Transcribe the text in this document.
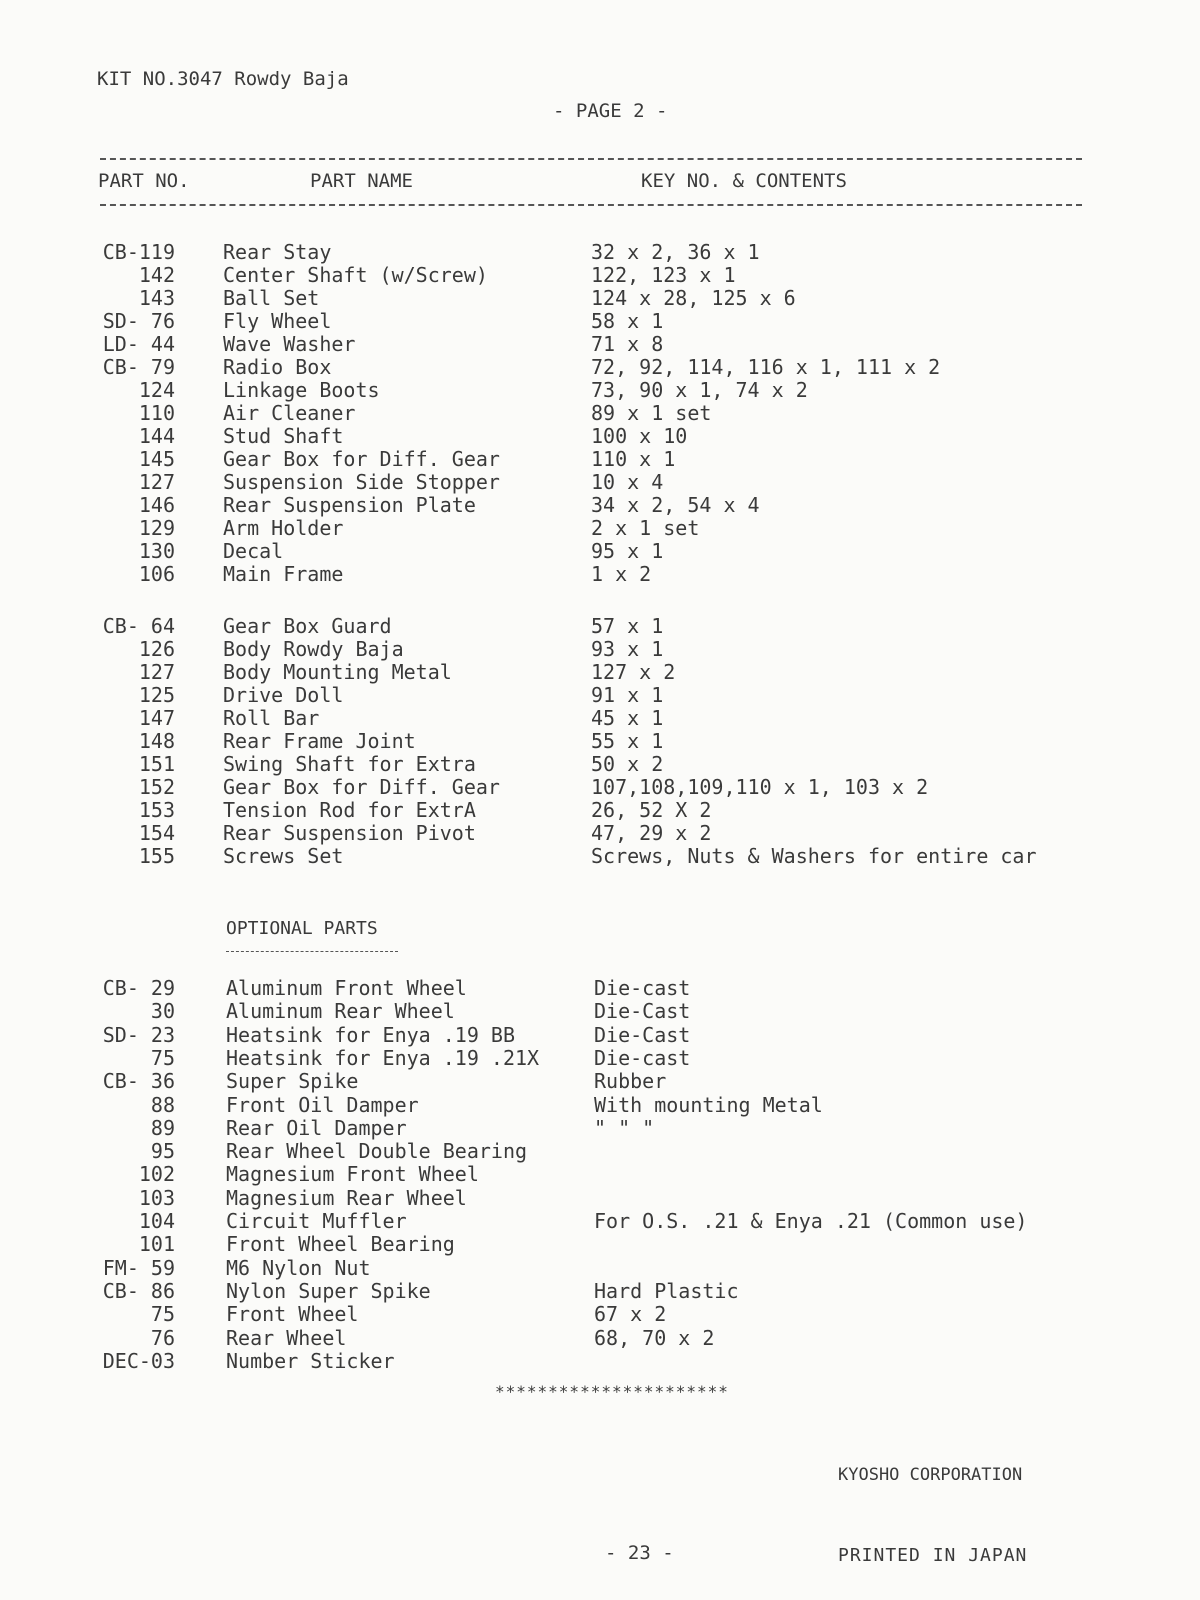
KIT NO.3047 Rowdy Baja
- PAGE 2 -
PART NO.	PART NAME	KEY NO. & CONTENTS
CB-119 Rear Stay	32 x 2, 36 x 1
142 Center Shaft (w/Screw)	122, 123 x 1
143 Ball Set	124 x 28, 125 x 6
SD- 76 Fly Wheel	58 x 1
LD- 44 Wave Washer	71 x 8
CB- 79 Radio Box	72, 92, 114, 116 x 1, 111 x 2
124 Linkage Boots	73, 90 x 1, 74 x 2
110 Air Cleaner	89 x 1 set
144 Stud Shaft	100 x 10
145 Gear Box for Diff. Gear	110 x 1
127 Suspension Side Stopper	10 x 4
146 Rear Suspension Plate	34 x 2, 54 x 4
129 Arm Holder	2 x 1 set
130 Decal	95 x 1
106 Main Frame	1 x 2
CB- 64 Gear Box Guard	57 x 1
126 Body Rowdy Baja	93 x 1
127 Body Mounting Metal	127 x 2
125 Drive Doll	91 x 1
147 Roll Bar	45 x 1
148 Rear Frame Joint	55 x 1
151 Swing Shaft for Extra	50 x 2
152 Gear Box for Diff. Gear	107,108,109,110 x 1, 103 x 2
153 Tension Rod for ExtrA	26, 52 X 2
154 Rear Suspension Pivot	47, 29 x 2
155 Screws Set	Screws, Nuts & Washers for entire car
OPTIONAL PARTS
CB- 29	Aluminum Front Wheel	Die-cast
30	Aluminum Rear Wheel	Die-Cast
SD- 23	Heatsink for Enya .19 BB	Die-Cast
75	Heatsink for Enya .19 .21X	Die-cast
CB- 36	Super Spike	Rubber
88	Front Oil Damper	With mounting Metal
89	Rear Oil Damper	" " "
95	Rear Wheel Double Bearing
102	Magnesium Front Wheel
103	Magnesium Rear Wheel
104	Circuit Muffler	For O.S. .21 & Enya .21 (Common use)
101	Front Wheel Bearing
FM- 59	M6 Nylon Nut
CB- 86	Nylon Super Spike	Hard Plastic
75	Front Wheel	67 x 2
76	Rear Wheel	68, 70 x 2
DEC-03	Number Sticker
**********************
KYOSHO CORPORATION
- 23 -	PRINTED IN JAPAN
